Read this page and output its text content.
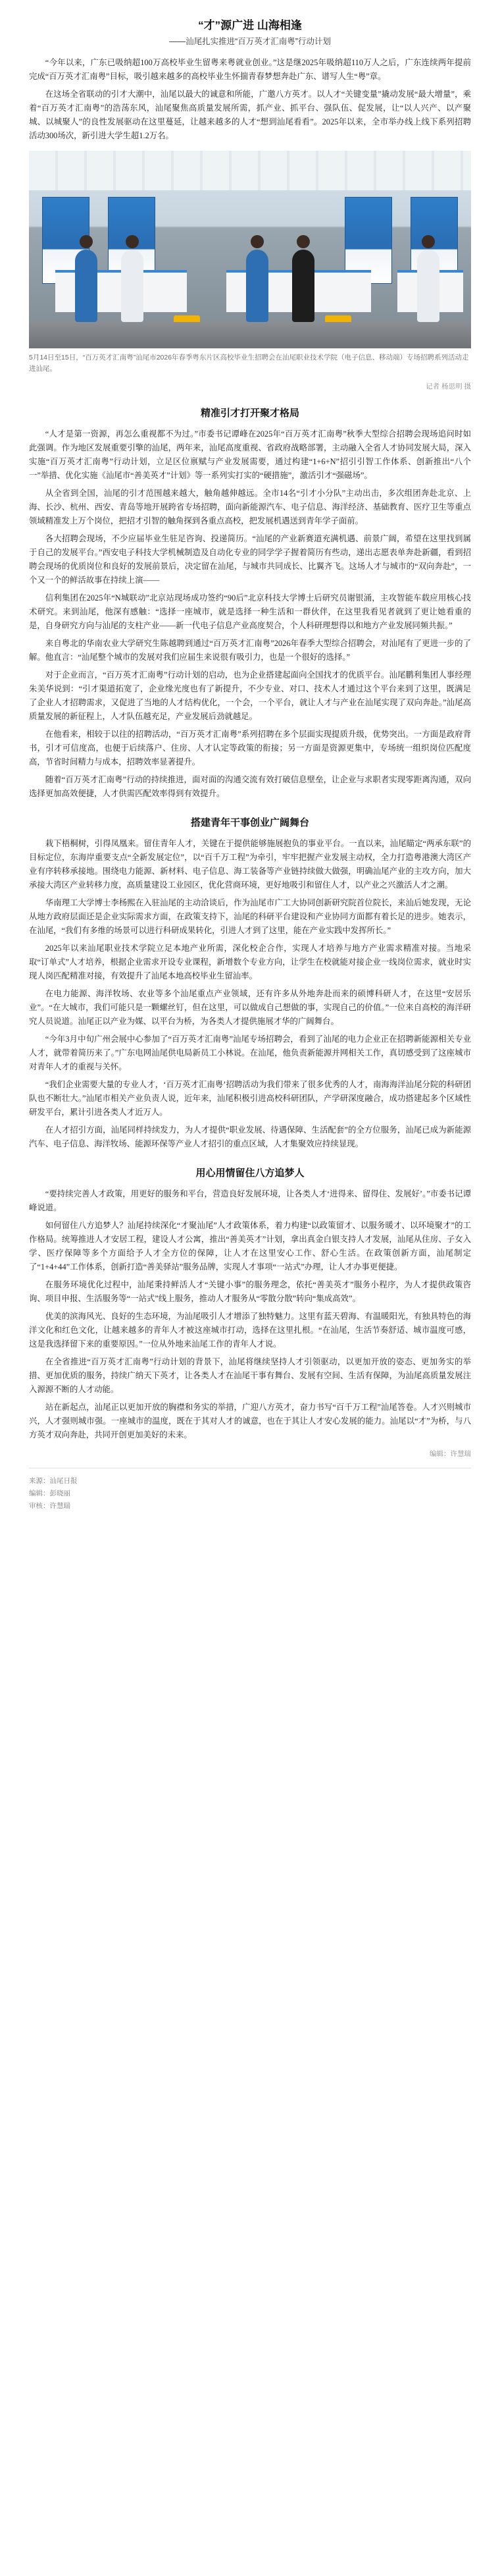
“才”源广进 山海相逢
——汕尾扎实推进“百万英才汇南粤”行动计划

“今年以来，广东已吸纳超100万高校毕业生留粤来粤就业创业。”这是继2025年吸纳超110万人之后，广东连续两年提前完成“百万英才汇南粤”目标，吸引越来越多的高校毕业生怀揣青春梦想奔赴广东、谱写人生“粤”章。

在这场全省联动的引才大潮中，汕尾以最大的诚意和所能，广邀八方英才。以人才“关键变量”撬动发展“最大增量”，乘着“百万英才汇南粤”的浩荡东风，汕尾聚焦高质量发展所需，抓产业、抓平台、强队伍、促发展，让“以人兴产、以产聚城、以城聚人”的良性发展驱动在这里蔓延，让越来越多的人才“想到汕尾看看”。2025年以来，全市举办线上线下系列招聘活动300场次，新引进大学生超1.2万名。

5月14日至15日，“百万英才汇南粤”汕尾市2026年春季粤东片区高校毕业生招聘会在汕尾职业技术学院（电子信息、移动端）专场招聘系列活动走进汕尾。
记者 杨思明 摄
精准引才打开聚才格局

“人才是第一资源，再怎么重视都不为过。”市委书记谭峰在2025年“百万英才汇南粤”秋季大型综合招聘会现场追问时如此强调。作为地区发展重要引擎的汕尾，两年来，汕尾高度重视、省政府战略部署，主动融入全省人才协同发展大局，深入实施“百万英才汇南粤”行动计划，立足区位禀赋与产业发展需要，通过构建“1+6+N”招引引智工作体系、创新推出“八个一”举措、优化实施《汕尾市“善美英才”计划》等一系列实打实的“硬措施”，激活引才“强磁场”。

从全省到全国，汕尾的引才范围越来越大，触角越伸越远。全市14名“引才小分队”主动出击，多次组团奔赴北京、上海、长沙、杭州、西安、青岛等地开展跨省专场招聘，面向新能源汽车、电子信息、海洋经济、基础教育、医疗卫生等重点领域精准发上万个岗位，把招才引智的触角探到各重点高校，把发展机遇送到青年学子面前。

各大招聘会现场，不少应届毕业生驻足咨询、投递简历。“汕尾的产业新赛道充满机遇、前景广阔，希望在这里找到属于自己的发展平台。”西安电子科技大学机械制造及自动化专业的同学学子握着简历有些动，递出志愿表单奔赴新疆，看到招聘会现场的优质岗位和良好的发展前景后，决定留在汕尾，与城市共同成长、比翼齐飞。这场人才与城市的“双向奔赴”，一个又一个的鲜活故事在持续上演——

信利集团在2025年“N城联动”北京站现场成功签约“90后”北京科技大学博士后研究员谢银涌，主攻智能车载应用核心技术研究。来到汕尾，他深有感触：“选择一座城市，就是选择一种生活和一群伙伴，在这里我看见者就到了更让她看重的是，自身研究方向与汕尾的支柱产业——新一代电子信息产业高度契合，个人科研理想得以和地方产业发展同频共振。”

来自粤北的华南农业大学研究生陈越聘到通过“百万英才汇南粤”2026年春季大型综合招聘会，对汕尾有了更进一步的了解。他直言：“汕尾整个城市的发展对我们应届生来说很有吸引力，也是一个很好的选择。”

对于企业而言，“百万英才汇南粤”行动计划的启动，也为企业搭建起面向全国找才的优质平台。汕尾鹏利集团人事经理朱美华说到：“引才渠道拓宽了，企业缘光度也有了新提升，不少专业、对口、技术人才通过这个平台来到了这里，既满足了企业人才招聘需求，又促进了当地的人才结构优化，一个会，一个平台，就让人才与产业在汕尾实现了双向奔赴。”汕尾高质量发展的新征程上，人才队伍越充足，产业发展后劲就越足。

在他看来，相较于以往的招聘活动，“百万英才汇南粤”系列招聘在多个层面实现提质升级，优势突出。一方面是政府背书，引才可信度高，也便于后续落户、住房、人才认定等政策的衔接；另一方面是资源更集中，专场统一组织岗位匹配度高，节省时间精力与成本，招聘效率显著提升。

随着“百万英才汇南粤”行动的持续推进，面对面的沟通交流有效打破信息壁垒，让企业与求职者实现零距离沟通，双向选择更加高效便捷，人才供需匹配效率得到有效提升。

搭建青年干事创业广阔舞台

栽下梧桐树，引得凤凰来。留住青年人才，关键在于提供能够施展抱负的事业平台。一直以来，汕尾瞄定“两承东联”的目标定位，东海岸重要支点“全新发展定位”，以“百千万工程”为牵引，牢牢把握产业发展主动权，全力打造粤港澳大湾区产业有序转移承接地。围绕电力能源、新材料、电子信息、海工装备等产业链持续做大做强，明确汕尾产业的主攻方向，加大承接大湾区产业转移力度，高质量建设工业园区，优化营商环境，更好地吸引和留住人才，以产业之兴激活人才之潮。

华南理工大学博士李杨熙在入驻汕尾的主动洽谈后，作为汕尾市广工大协同创新研究院首位院长，来汕后她发现，无论从地方政府层面还是企业实际需求方面，在政策支持下，汕尾的科研平台建设和产业协同方面都有着长足的进步。她表示，在汕尾，“我们有多维的场景可以进行科研成果转化，引进人才到了这里，能在产业实践中发挥所长。”

2025年以来汕尾职业技术学院立足本地产业所需，深化校企合作，实现人才培养与地方产业需求精准对接。当地采取“订单式”人才培养，根据企业需求开设专业课程，新增数个专业方向，让学生在校就能对接企业一线岗位需求，就业时实现人岗匹配精准对接，有效提升了汕尾本地高校毕业生留汕率。

在电力能源、海洋牧场、农业等多个汕尾重点产业领域，还有许多从外地奔赴而来的硕博科研人才，在这里“安居乐业”。“在大城市，我们可能只是一颗螺丝钉，但在这里，可以做成自己想做的事，实现自己的价值。”一位来自高校的海洋研究人员说道。汕尾正以产业为媒、以平台为桥，为各类人才提供施展才华的广阔舞台。

“今年3月中旬广州会展中心参加了“百万英才汇南粤”汕尾专场招聘会，看到了汕尾的电力企业正在招聘新能源相关专业人才，就带着简历来了。”广东电网汕尾供电局新员工小林说。在汕尾，他负责新能源并网相关工作，真切感受到了这座城市对青年人才的重视与关怀。

“我们企业需要大量的专业人才，‘百万英才汇南粤’招聘活动为我们带来了很多优秀的人才，南海海洋汕尾分院的科研团队也不断壮大。”汕尾市相关产业负责人说，近年来，汕尾积极引进高校科研团队，产学研深度融合，成功搭建起多个区域性研发平台，累计引进各类人才近万人。

在人才招引方面，汕尾同样持续发力，为人才提供“职业发展、待遇保障、生活配套”的全方位服务，汕尾已成为新能源汽车、电子信息、海洋牧场、能源环保等产业人才招引的重点区域，人才集聚效应持续显现。

用心用情留住八方追梦人

“要持续完善人才政策，用更好的服务和平台，营造良好发展环境，让各类人才‘进得来、留得住、发展好’。”市委书记谭峰说道。

如何留住八方追梦人？汕尾持续深化“才聚汕尾”人才政策体系，着力构建“以政策留才、以服务暖才、以环境聚才”的工作格局。统筹推进人才安居工程，建设人才公寓，推出“善美英才”计划，拿出真金白银支持人才发展，汕尾从住房、子女入学、医疗保障等多个方面给予人才全方位的保障，让人才在这里安心工作、舒心生活。在政策创新方面，汕尾制定了“1+4+44”工作体系，创新打造“善美驿站”服务品牌，实现人才事项“一站式”办理，让人才办事更便捷。

在服务环境优化过程中，汕尾秉持鲜活人才“关键小事”的服务理念，依托“善美英才”服务小程序，为人才提供政策咨询、项目申报、生活服务等“一站式”线上服务，推动人才服务从“零散分散”转向“集成高效”。

优美的滨海风光、良好的生态环境，为汕尾吸引人才增添了独特魅力。这里有蓝天碧海、有温暖阳光，有独具特色的海洋文化和红色文化，让越来越多的青年人才被这座城市打动，选择在这里扎根。“在汕尾，生活节奏舒适、城市温度可感，这是我选择留下来的重要原因。”一位从外地来汕尾工作的青年人才说。

在全省推进“百万英才汇南粤”行动计划的背景下，汕尾将继续坚持人才引领驱动，以更加开放的姿态、更加务实的举措、更加优质的服务，持续广纳天下英才，让各类人才在汕尾干事有舞台、发展有空间、生活有保障，为汕尾高质量发展注入源源不断的人才动能。

站在新起点，汕尾正以更加开放的胸襟和务实的举措，广迎八方英才，奋力书写“百千万工程”汕尾答卷。人才兴则城市兴，人才强则城市强。一座城市的温度，既在于其对人才的诚意，也在于其让人才安心发展的能力。汕尾以“才”为桥，与八方英才双向奔赴，共同开创更加美好的未来。

编辑：许慧瑞
来源：汕尾日报
编辑：彭晓丽
审核：许慧瑞
